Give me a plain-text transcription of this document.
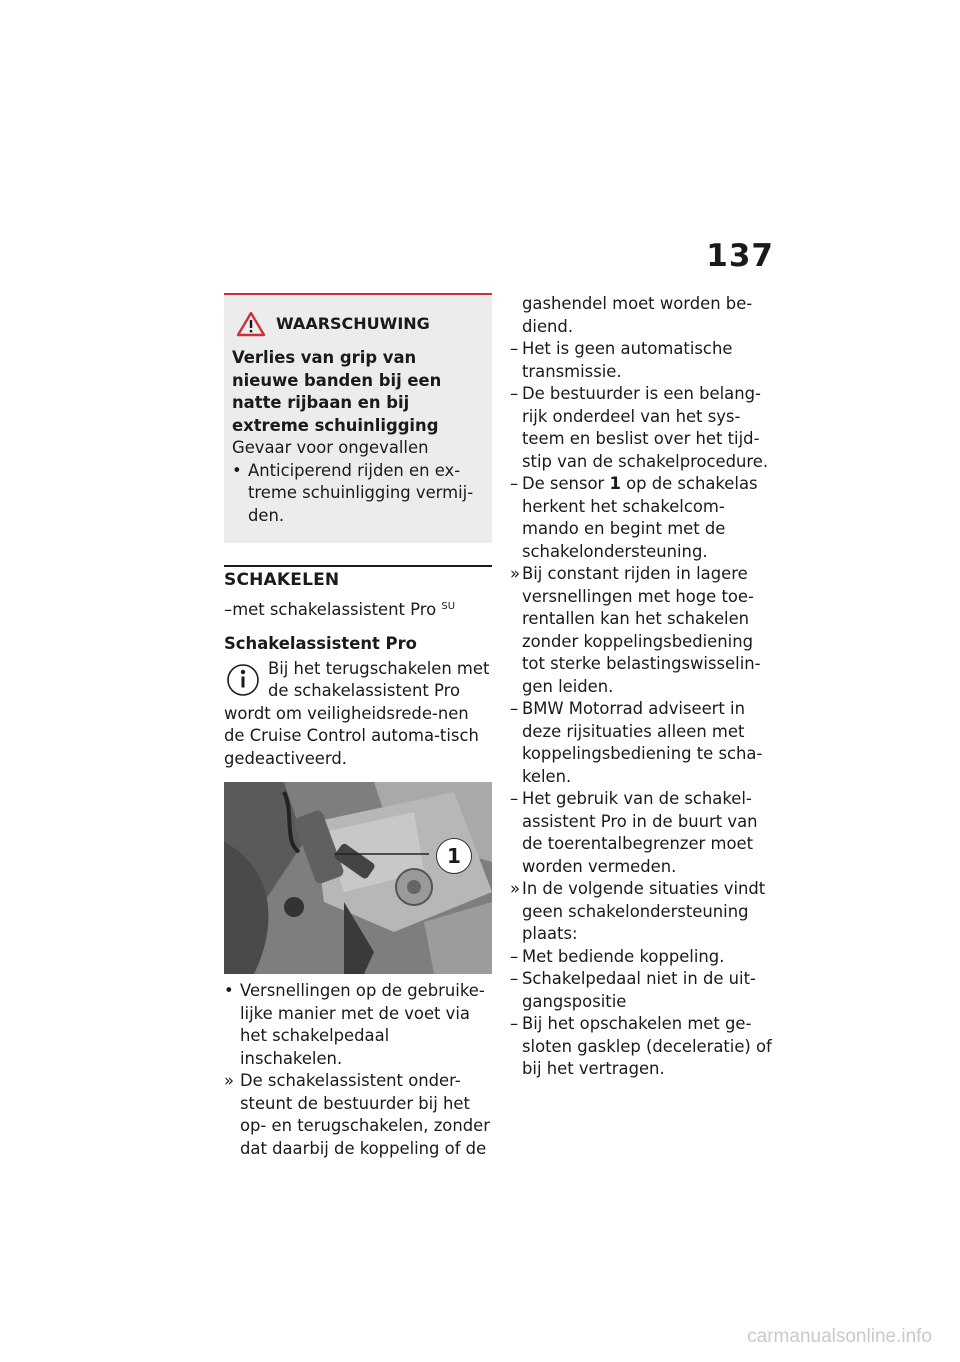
137
WAARSCHUWING
Verlies van grip van nieuwe banden bij een natte rijbaan en bij extreme schuinligging
Gevaar voor ongevallen
• Anticiperend rijden en ex-treme schuinligging vermij-den.
SCHAKELEN
–met schakelassistent Pro $^{SU}$
Schakelassistent Pro
Bij het terugschakelen met de schakelassistent Pro wordt om veiligheidsrede-nen de Cruise Control automa-tisch gedeactiveerd.
1
• Versnellingen op de gebruike-lijke manier met de voet via het schakelpedaal inschakelen.
» De schakelassistent onder-steunt de bestuurder bij het op- en terugschakelen, zonder dat daarbij de koppeling of de
gashendel moet worden be-diend.
– Het is geen automatische transmissie.
– De bestuurder is een belang-rijk onderdeel van het sys-teem en beslist over het tijd-stip van de schakelprocedure.
– De sensor 1 op de schakelas herkent het schakelcom-mando en begint met de schakelondersteuning.
» Bij constant rijden in lagere versnellingen met hoge toe-rentallen kan het schakelen zonder koppelingsbediening tot sterke belastingswisselin-gen leiden.
– BMW Motorrad adviseert in deze rijsituaties alleen met koppelingsbediening te scha-kelen.
– Het gebruik van de schakel-assistent Pro in de buurt van de toerentalbegrenzer moet worden vermeden.
» In de volgende situaties vindt geen schakelondersteuning plaats:
– Met bediende koppeling.
– Schakelpedaal niet in de uit-gangspositie
– Bij het opschakelen met ge-sloten gasklep (deceleratie) of bij het vertragen.
carmanualsonline.info
